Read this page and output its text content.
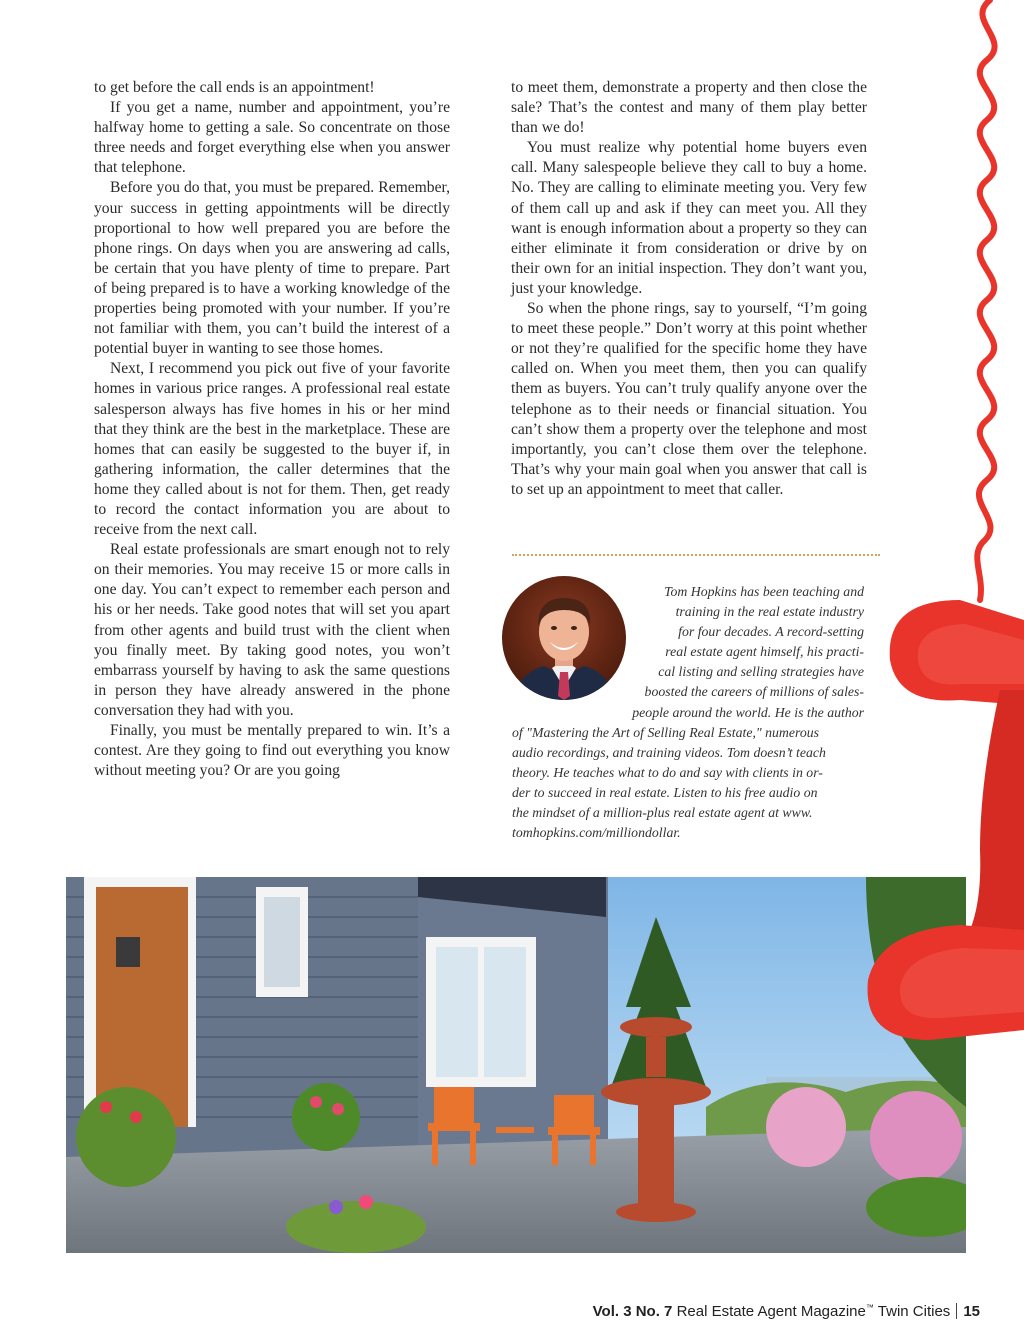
to get before the call ends is an appointment!

If you get a name, number and appointment, you’re halfway home to getting a sale. So concentrate on those three needs and forget everything else when you answer that telephone.

Before you do that, you must be prepared. Remember, your success in getting appointments will be directly proportional to how well prepared you are before the phone rings. On days when you are answering ad calls, be certain that you have plenty of time to prepare. Part of being prepared is to have a working knowledge of the properties being promoted with your number. If you’re not familiar with them, you can’t build the interest of a potential buyer in wanting to see those homes.

Next, I recommend you pick out five of your favorite homes in various price ranges. A professional real estate salesperson always has five homes in his or her mind that they think are the best in the marketplace. These are homes that can easily be suggested to the buyer if, in gathering information, the caller determines that the home they called about is not for them. Then, get ready to record the contact information you are about to receive from the next call.

Real estate professionals are smart enough not to rely on their memories. You may receive 15 or more calls in one day. You can’t expect to remember each person and his or her needs. Take good notes that will set you apart from other agents and build trust with the client when you finally meet. By taking good notes, you won’t embarrass yourself by having to ask the same questions in person they have already answered in the phone conversation they had with you.

Finally, you must be mentally prepared to win. It’s a contest. Are they going to find out everything you know without meeting you? Or are you going

to meet them, demonstrate a property and then close the sale? That’s the contest and many of them play better than we do!

You must realize why potential home buyers even call. Many salespeople believe they call to buy a home. No. They are calling to eliminate meeting you. Very few of them call up and ask if they can meet you. All they want is enough information about a property so they can either eliminate it from consideration or drive by on their own for an initial inspection. They don’t want you, just your knowledge.

So when the phone rings, say to yourself, “I’m going to meet these people.” Don’t worry at this point whether or not they’re qualified for the specific home they have called on. When you meet them, then you can qualify them as buyers. You can’t truly qualify anyone over the telephone as to their needs or financial situation. You can’t show them a property over the telephone and most importantly, you can’t close them over the telephone. That’s why your main goal when you answer that call is to set up an appointment to meet that caller.

Tom Hopkins has been teaching and
training in the real estate industry
for four decades. A record-setting
real estate agent himself, his practi-
cal listing and selling strategies have
boosted the careers of millions of sales-
people around the world. He is the author
of "Mastering the Art of Selling Real Estate," numerous
audio recordings, and training videos. Tom doesn’t teach
theory. He teaches what to do and say with clients in or-
der to succeed in real estate. Listen to his free audio on
the mindset of a million-plus real estate agent at www.
tomhopkins.com/milliondollar.
Vol. 3 No. 7 Real Estate Agent Magazine™ Twin Cities 15
